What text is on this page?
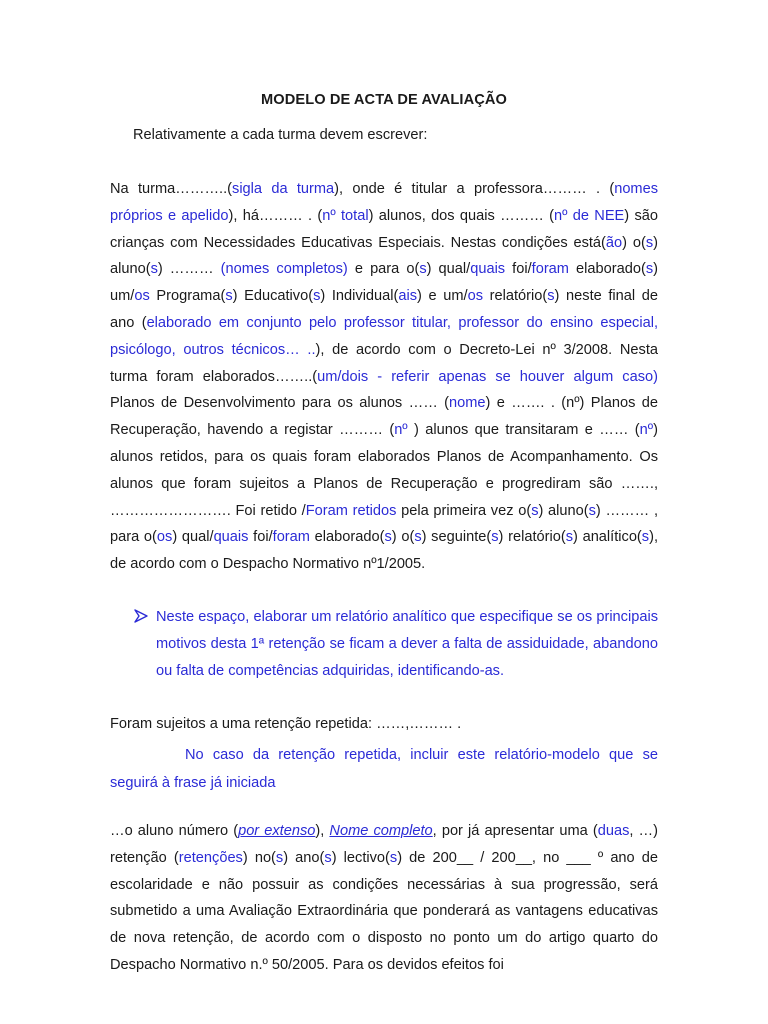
MODELO DE ACTA DE AVALIAÇÃO
Relativamente a cada turma devem escrever:
Na turma………..(sigla da turma), onde é titular a professora……… . (nomes próprios e apelido), há……… . (nº total) alunos, dos quais ……… (nº de NEE) são crianças com Necessidades Educativas Especiais. Nestas condições está(ão) o(s) aluno(s) ……… (nomes completos) e para o(s) qual/quais foi/foram elaborado(s) um/os Programa(s) Educativo(s) Individual(ais) e um/os relatório(s) neste final de ano (elaborado em conjunto pelo professor titular, professor do ensino especial, psicólogo, outros técnicos… ..), de acordo com o Decreto-Lei nº 3/2008. Nesta turma foram elaborados……..(um/dois - referir apenas se houver algum caso) Planos de Desenvolvimento para os alunos …… (nome) e ……. . (nº) Planos de Recuperação, havendo a registar ……… (nº ) alunos que transitaram e …… (nº) alunos retidos, para os quais foram elaborados Planos de Acompanhamento. Os alunos que foram sujeitos a Planos de Recuperação e progrediram são ……., ……………………. Foi retido /Foram retidos pela primeira vez o(s) aluno(s) ……… , para o(os) qual/quais foi/foram elaborado(s) o(s) seguinte(s) relatório(s) analítico(s), de acordo com o Despacho Normativo nº1/2005.
Neste espaço, elaborar um relatório analítico que especifique se os principais motivos desta 1ª retenção se ficam a dever a falta de assiduidade, abandono ou falta de competências adquiridas, identificando-as.
Foram sujeitos a uma retenção repetida: ……,……… .
No caso da retenção repetida, incluir este relatório-modelo que se seguirá à frase já iniciada
…o aluno número (por extenso), Nome completo, por já apresentar uma (duas, …) retenção (retenções) no(s) ano(s) lectivo(s) de 200__ / 200__, no ___ º ano de escolaridade e não possuir as condições necessárias à sua progressão, será submetido a uma Avaliação Extraordinária que ponderará as vantagens educativas de nova retenção, de acordo com o disposto no ponto um do artigo quarto do Despacho Normativo n.º 50/2005. Para os devidos efeitos foi
